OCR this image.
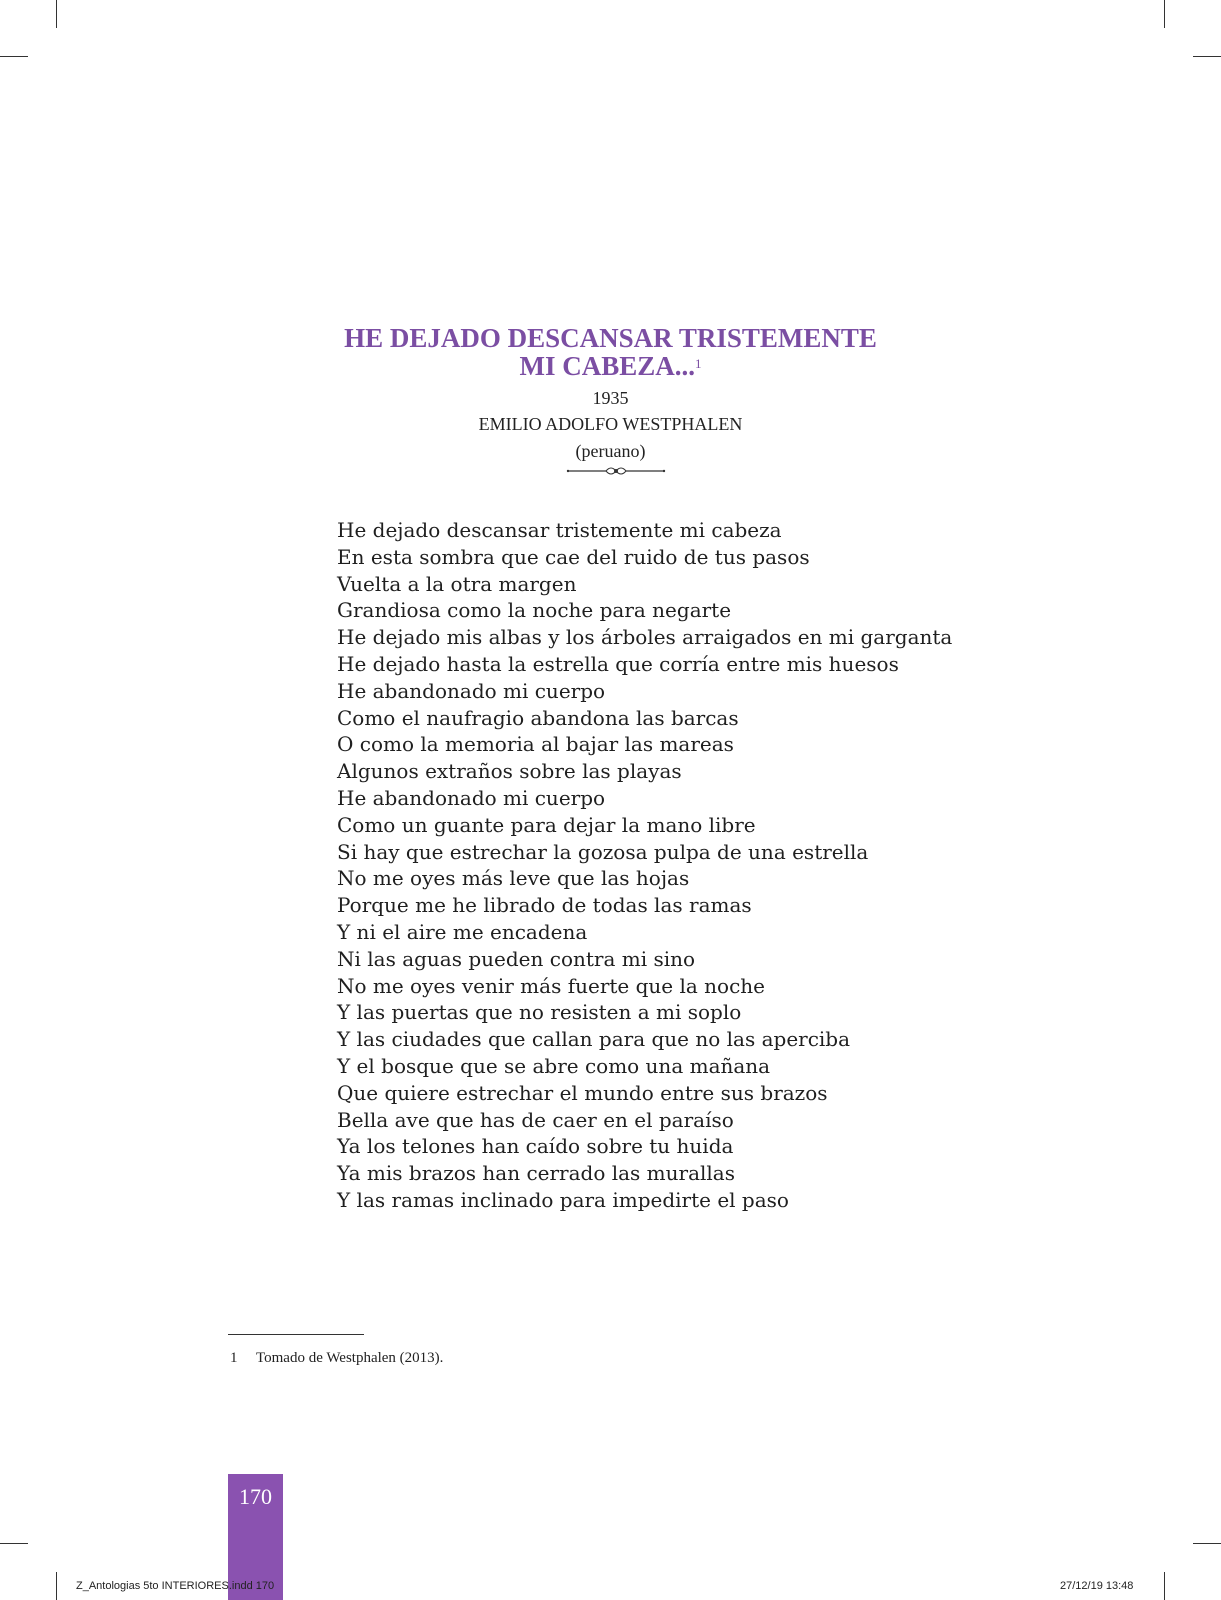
HE DEJADO DESCANSAR TRISTEMENTE
MI CABEZA...$^1$
1935
EMILIO ADOLFO WESTPHALEN
(peruano)
He dejado descansar tristemente mi cabeza
En esta sombra que cae del ruido de tus pasos
Vuelta a la otra margen
Grandiosa como la noche para negarte
He dejado mis albas y los árboles arraigados en mi garganta
He dejado hasta la estrella que corría entre mis huesos
He abandonado mi cuerpo
Como el naufragio abandona las barcas
O como la memoria al bajar las mareas
Algunos extraños sobre las playas
He abandonado mi cuerpo
Como un guante para dejar la mano libre
Si hay que estrechar la gozosa pulpa de una estrella
No me oyes más leve que las hojas
Porque me he librado de todas las ramas
Y ni el aire me encadena
Ni las aguas pueden contra mi sino
No me oyes venir más fuerte que la noche
Y las puertas que no resisten a mi soplo
Y las ciudades que callan para que no las aperciba
Y el bosque que se abre como una mañana
Que quiere estrechar el mundo entre sus brazos
Bella ave que has de caer en el paraíso
Ya los telones han caído sobre tu huida
Ya mis brazos han cerrado las murallas
Y las ramas inclinado para impedirte el paso
1 Tomado de Westphalen (2013).
170
Z_Antologias 5to INTERIORES.indd 170	27/12/19 13:48
